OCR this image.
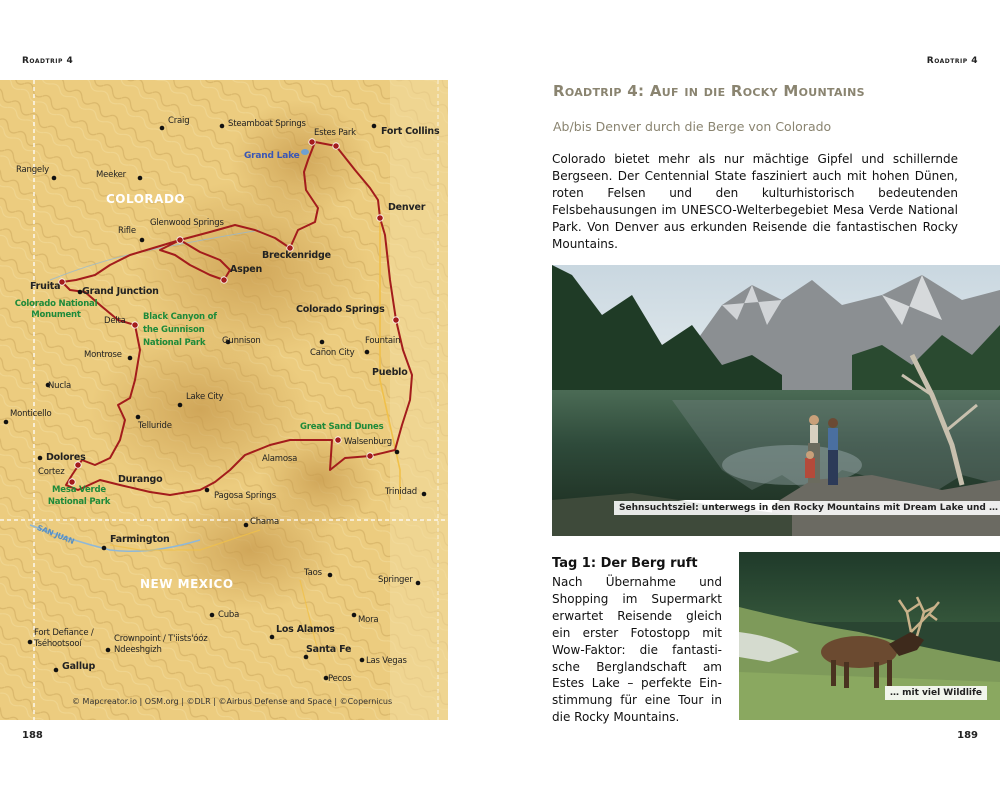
Roadtrip 4	Roadtrip 4
COLORADO
NEW MEXICO
SAN JUAN
Craig	Steamboat Springs
Estes Park	Fort Collins
Grand Lake
Rangely	Meeker
Denver
Glenwood Springs
Rifle
Breckenridge
Aspen
Fruita Grand Junction
Colorado Springs
Delta
Fountain
Montrose
Gunnison
Cañon City
Pueblo
Nucla
Lake City
Monticello
Telluride
Walsenburg
Dolores	Alamosa
Cortez
Durango
Trinidad
Pagosa Springs
Chama
Farmington
Taos
Springer
Cuba	Mora
Los Alamos
Fort Defiance / Tséhootsooí	Crownpoint / T'iists'óóz Ndeeshgizh	Santa Fe
Las Vegas
Gallup
Pecos
Colorado National Monument	Black Canyon of the Gunnison National Park
Great Sand Dunes
Mesa Verde National Park
© Mapcreator.io | OSM.org | ©DLR | ©Airbus Defense and Space | ©Copernicus
188
Roadtrip 4: Auf in die Rocky Mountains
Ab/bis Denver durch die Berge von Colorado

Colorado bietet mehr als nur mächtige Gipfel und schillernde Bergseen. Der Centennial State fasziniert auch mit hohen Dünen, roten Felsen und den kulturhistorisch bedeutenden Felsbehausungen im UNESCO-Welterbegebiet Mesa Verde National Park. Von Denver aus erkunden Reisende die fantastischen Rocky Mountains.

Sehnsuchtsziel: unterwegs in den Rocky Mountains mit Dream Lake und …
Tag 1: Der Berg ruft

Nach Übernahme und
Shopping im Supermarkt
erwartet Reisende gleich
ein erster Fotostopp mit
Wow-Faktor: die fantasti-
sche Berglandschaft am
Estes Lake – perfekte Ein-
stimmung für eine Tour in
die Rocky Mountains.

… mit viel Wildlife
189
